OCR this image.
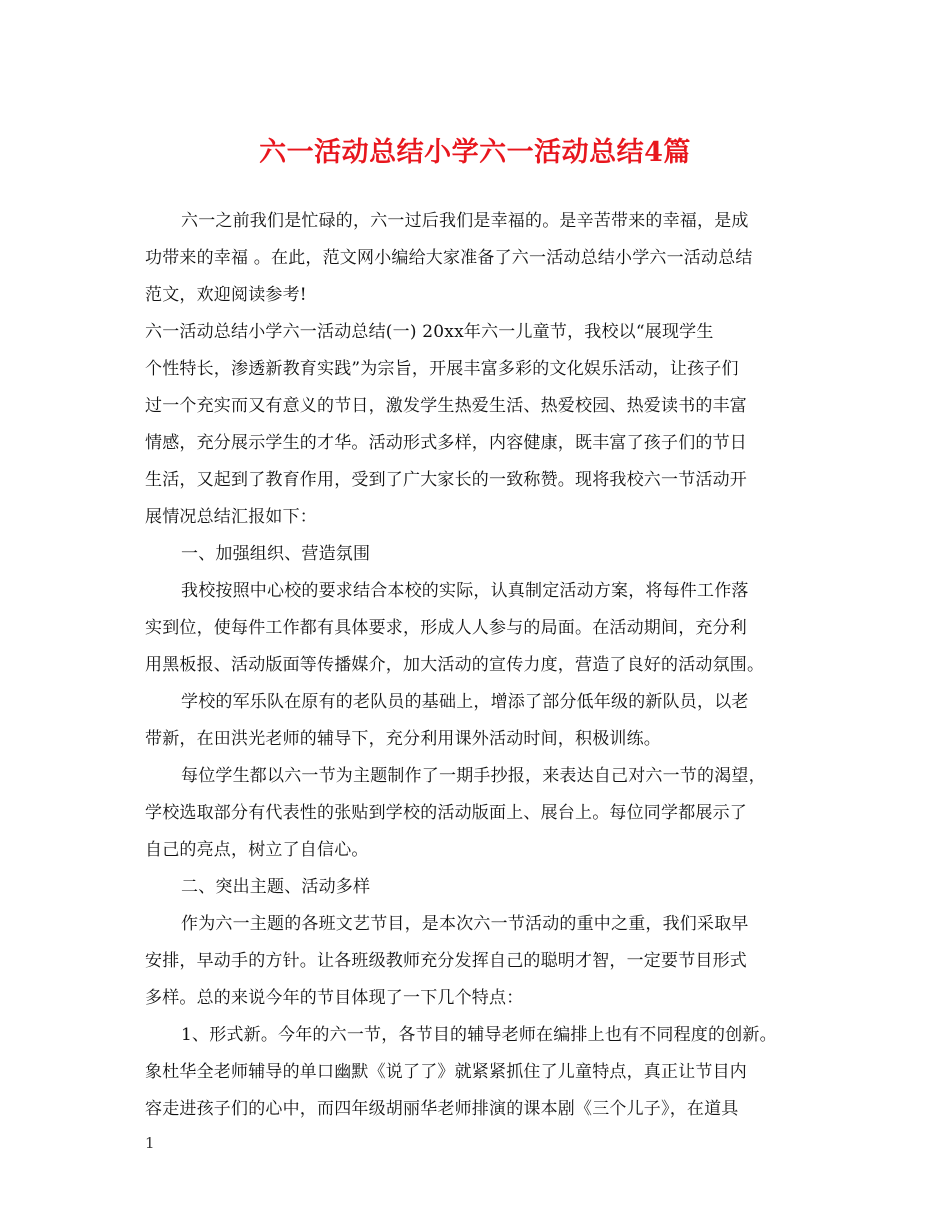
六一活动总结小学六一活动总结4篇
六一之前我们是忙碌的，六一过后我们是幸福的。是辛苦带来的幸福，是成
功带来的幸福 。在此，范文网小编给大家准备了六一活动总结小学六一活动总结
范文，欢迎阅读参考!
六一活动总结小学六一活动总结(一) 20xx年六一儿童节，我校以“展现学生
个性特长，渗透新教育实践”为宗旨，开展丰富多彩的文化娱乐活动，让孩子们
过一个充实而又有意义的节日，激发学生热爱生活、热爱校园、热爱读书的丰富
情感，充分展示学生的才华。活动形式多样，内容健康，既丰富了孩子们的节日
生活，又起到了教育作用，受到了广大家长的一致称赞。现将我校六一节活动开
展情况总结汇报如下：
一、加强组织、营造氛围
我校按照中心校的要求结合本校的实际，认真制定活动方案，将每件工作落
实到位，使每件工作都有具体要求，形成人人参与的局面。在活动期间，充分利
用黑板报、活动版面等传播媒介，加大活动的宣传力度，营造了良好的活动氛围。
学校的军乐队在原有的老队员的基础上，增添了部分低年级的新队员，以老
带新，在田洪光老师的辅导下，充分利用课外活动时间，积极训练。
每位学生都以六一节为主题制作了一期手抄报，来表达自己对六一节的渴望，
学校选取部分有代表性的张贴到学校的活动版面上、展台上。每位同学都展示了
自己的亮点，树立了自信心。
二、突出主题、活动多样
作为六一主题的各班文艺节目，是本次六一节活动的重中之重，我们采取早
安排，早动手的方针。让各班级教师充分发挥自己的聪明才智，一定要节目形式
多样。总的来说今年的节目体现了一下几个特点：
1、形式新。今年的六一节，各节目的辅导老师在编排上也有不同程度的创新。
象杜华全老师辅导的单口幽默《说了了》就紧紧抓住了儿童特点，真正让节目内
容走进孩子们的心中，而四年级胡丽华老师排演的课本剧《三个儿子》，在道具
1
